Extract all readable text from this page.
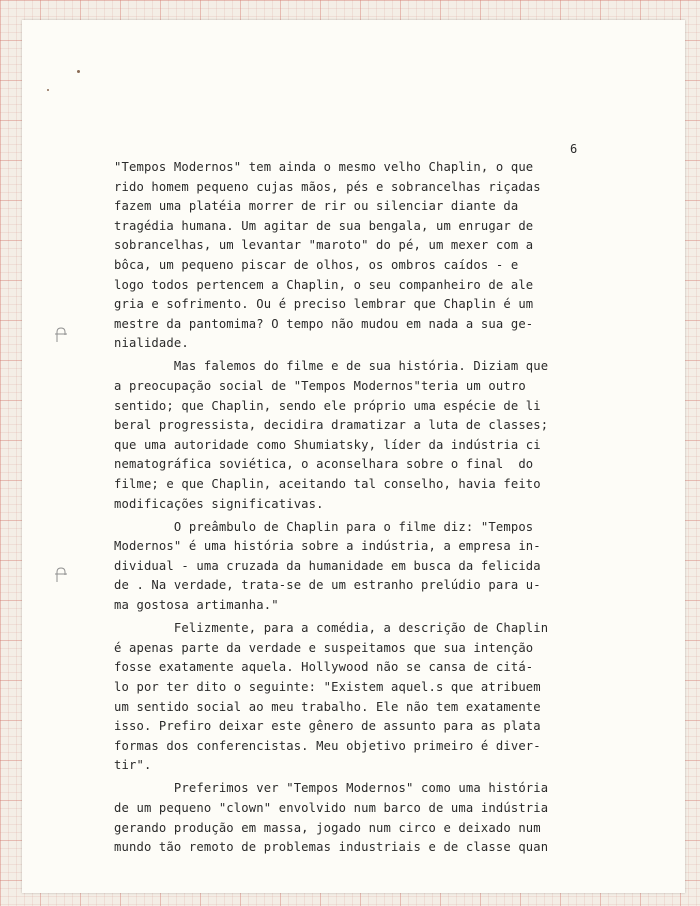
6
"Tempos Modernos" tem ainda o mesmo velho Chaplin, o que
rido homem pequeno cujas mãos, pés e sobrancelhas riçadas
fazem uma platéia morrer de rir ou silenciar diante da
tragédia humana. Um agitar de sua bengala, um enrugar de
sobrancelhas, um levantar "maroto" do pé, um mexer com a
bôca, um pequeno piscar de olhos, os ombros caídos - e
logo todos pertencem a Chaplin, o seu companheiro de ale
gria e sofrimento. Ou é preciso lembrar que Chaplin é um
mestre da pantomima? O tempo não mudou em nada a sua ge-
nialidade.
Mas falemos do filme e de sua história. Diziam que
a preocupação social de "Tempos Modernos"teria um outro
sentido; que Chaplin, sendo ele próprio uma espécie de li
beral progressista, decidira dramatizar a luta de classes;
que uma autoridade como Shumiatsky, líder da indústria ci
nematográfica soviética, o aconselhara sobre o final  do
filme; e que Chaplin, aceitando tal conselho, havia feito
modificações significativas.
O preâmbulo de Chaplin para o filme diz: "Tempos
Modernos" é uma história sobre a indústria, a empresa in-
dividual - uma cruzada da humanidade em busca da felicida
de . Na verdade, trata-se de um estranho prelúdio para u-
ma gostosa artimanha."
Felizmente, para a comédia, a descrição de Chaplin
é apenas parte da verdade e suspeitamos que sua intenção
fosse exatamente aquela. Hollywood não se cansa de citá-
lo por ter dito o seguinte: "Existem aquel.s que atribuem
um sentido social ao meu trabalho. Ele não tem exatamente
isso. Prefiro deixar este gênero de assunto para as plata
formas dos conferencistas. Meu objetivo primeiro é diver-
tir".
Preferimos ver "Tempos Modernos" como uma história
de um pequeno "clown" envolvido num barco de uma indústria
gerando produção em massa, jogado num circo e deixado num
mundo tão remoto de problemas industriais e de classe quan
